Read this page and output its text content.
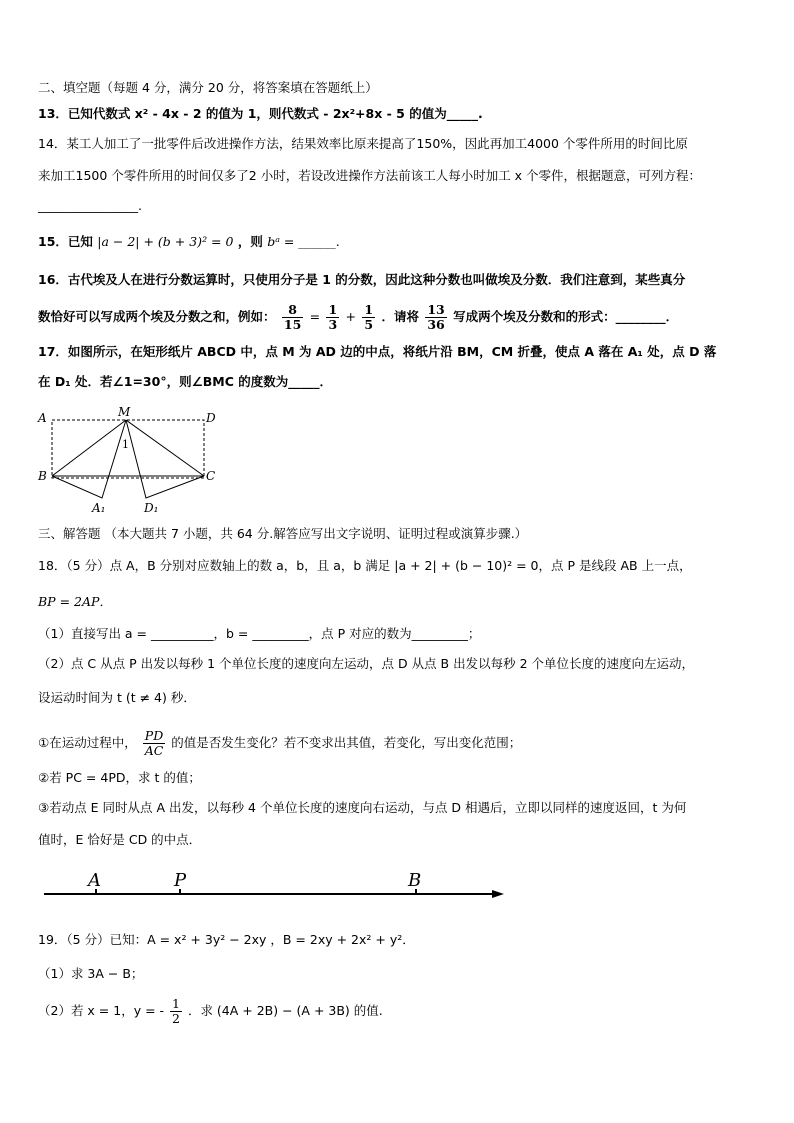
二、填空题（每题 4 分，满分 20 分，将答案填在答题纸上）
13．已知代数式 x² - 4x - 2 的值为 1，则代数式 - 2x²+8x - 5 的值为_____.
14．某工人加工了一批零件后改进操作方法，结果效率比原来提高了150%，因此再加工4000 个零件所用的时间比原
来加工1500 个零件所用的时间仅多了2 小时，若设改进操作方法前该工人每小时加工 x 个零件，根据题意，可列方程：
________________.
15．已知 |a − 2| + (b + 3)² = 0 ，则 bᵃ = ______.
16．古代埃及人在进行分数运算时，只使用分子是 1 的分数，因此这种分数也叫做埃及分数．我们注意到，某些真分
数恰好可以写成两个埃及分数之和，例如： $\frac{8}{15} = \frac{1}{3} + \frac{1}{5}$ ．请将 $\frac{13}{36}$ 写成两个埃及分数和的形式：________．
17．如图所示，在矩形纸片 ABCD 中，点 M 为 AD 边的中点，将纸片沿 BM，CM 折叠，使点 A 落在 A₁ 处，点 D 落
在 D₁ 处．若∠1=30°，则∠BMC 的度数为_____．
A	M	D
B	C
A₁	D₁
1
三、解答题 （本大题共 7 小题，共 64 分.解答应写出文字说明、证明过程或演算步骤.）
18．（5 分）点 A，B 分别对应数轴上的数 a，b，且 a，b 满足 |a + 2| + (b − 10)² = 0，点 P 是线段 AB 上一点，
BP = 2AP．
（1）直接写出 a = __________，b = _________，点 P 对应的数为_________；
（2）点 C 从点 P 出发以每秒 1 个单位长度的速度向左运动，点 D 从点 B 出发以每秒 2 个单位长度的速度向左运动，
设运动时间为 t (t ≠ 4) 秒．
①在运动过程中， $\frac{PD}{AC}$ 的值是否发生变化？若不变求出其值，若变化，写出变化范围；
②若 PC = 4PD，求 t 的值；
③若动点 E 同时从点 A 出发，以每秒 4 个单位长度的速度向右运动，与点 D 相遇后，立即以同样的速度返回，t 为何
值时，E 恰好是 CD 的中点．
A	P	B
19．（5 分）已知：A = x² + 3y² − 2xy ，B = 2xy + 2x² + y²．
（1）求 3A − B；
（2）若 x = 1，y = - $\frac{1}{2}$ ．求 (4A + 2B) − (A + 3B) 的值.
